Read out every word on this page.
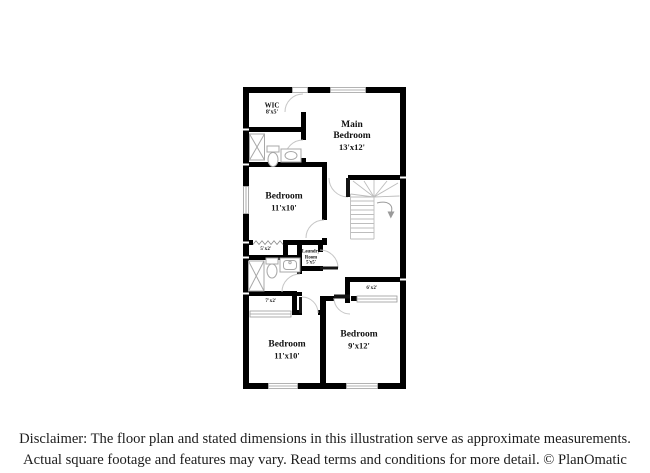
WIC
8'x5'
Main Bedroom
13'x12'
Bedroom
11'x10'
5'x2'	Laundry Room
5'x5'
7'x2'
6'x2'
Bedroom
11'x10'
Bedroom
9'x12'
Disclaimer: The floor plan and stated dimensions in this illustration serve as approximate measurements.
Actual square footage and features may vary. Read terms and conditions for more detail. © PlanOmatic
